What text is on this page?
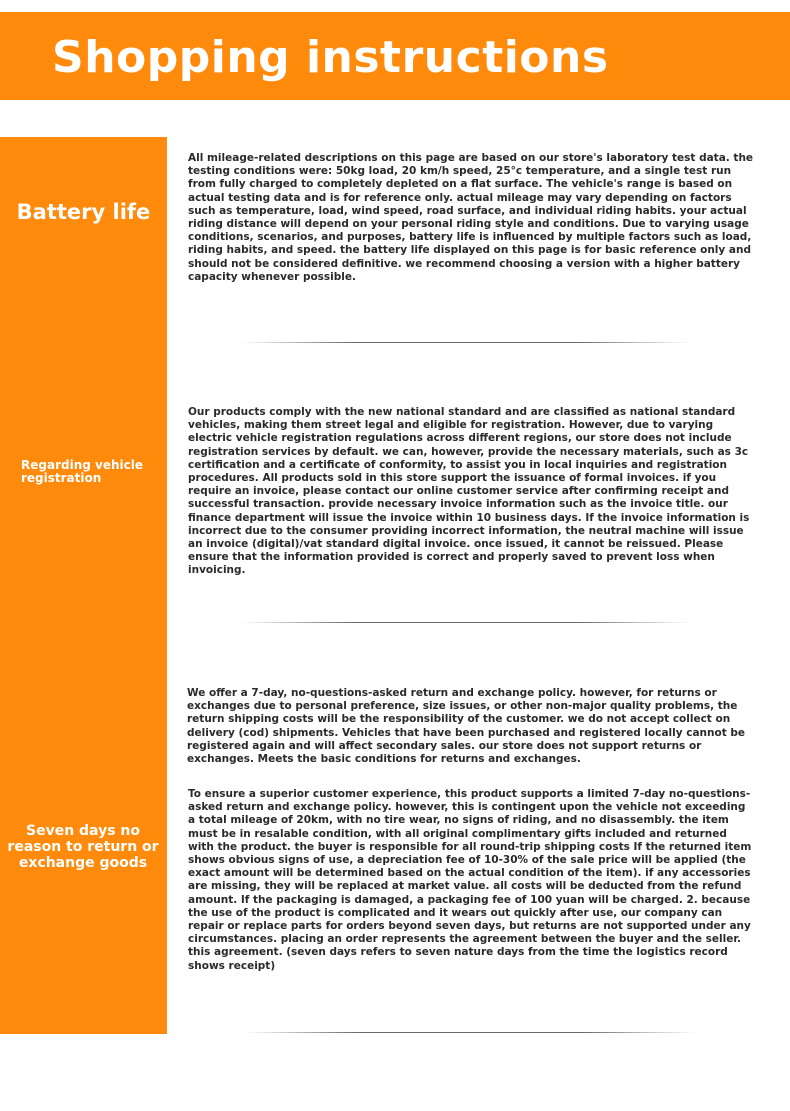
Shopping instructions
Battery life
Regarding vehicle registration
Seven days no reason to return or exchange goods

All mileage-related descriptions on this page are based on our store's laboratory test data. the testing conditions were: 50kg load, 20 km/h speed, 25°c temperature, and a single test run from fully charged to completely depleted on a flat surface. The vehicle's range is based on actual testing data and is for reference only. actual mileage may vary depending on factors such as temperature, load, wind speed, road surface, and individual riding habits. your actual riding distance will depend on your personal riding style and conditions. Due to varying usage conditions, scenarios, and purposes, battery life is influenced by multiple factors such as load, riding habits, and speed. the battery life displayed on this page is for basic reference only and should not be considered definitive. we recommend choosing a version with a higher battery capacity whenever possible.

Our products comply with the new national standard and are classified as national standard vehicles, making them street legal and eligible for registration. However, due to varying electric vehicle registration regulations across different regions, our store does not include registration services by default. we can, however, provide the necessary materials, such as 3c certification and a certificate of conformity, to assist you in local inquiries and registration procedures. All products sold in this store support the issuance of formal invoices. if you require an invoice, please contact our online customer service after confirming receipt and successful transaction. provide necessary invoice information such as the invoice title. our finance department will issue the invoice within 10 business days. If the invoice information is incorrect due to the consumer providing incorrect information, the neutral machine will issue an invoice (digital)/vat standard digital invoice. once issued, it cannot be reissued. Please ensure that the information provided is correct and properly saved to prevent loss when invoicing.

We offer a 7-day, no-questions-asked return and exchange policy. however, for returns or exchanges due to personal preference, size issues, or other non-major quality problems, the return shipping costs will be the responsibility of the customer. we do not accept collect on delivery (cod) shipments. Vehicles that have been purchased and registered locally cannot be registered again and will affect secondary sales. our store does not support returns or exchanges. Meets the basic conditions for returns and exchanges.

To ensure a superior customer experience, this product supports a limited 7-day no-questions-asked return and exchange policy. however, this is contingent upon the vehicle not exceeding a total mileage of 20km, with no tire wear, no signs of riding, and no disassembly. the item must be in resalable condition, with all original complimentary gifts included and returned with the product. the buyer is responsible for all round-trip shipping costs If the returned item shows obvious signs of use, a depreciation fee of 10-30% of the sale price will be applied (the exact amount will be determined based on the actual condition of the item). if any accessories are missing, they will be replaced at market value. all costs will be deducted from the refund amount. If the packaging is damaged, a packaging fee of 100 yuan will be charged. 2. because the use of the product is complicated and it wears out quickly after use, our company can repair or replace parts for orders beyond seven days, but returns are not supported under any circumstances. placing an order represents the agreement between the buyer and the seller. this agreement. (seven days refers to seven nature days from the time the logistics record shows receipt)
